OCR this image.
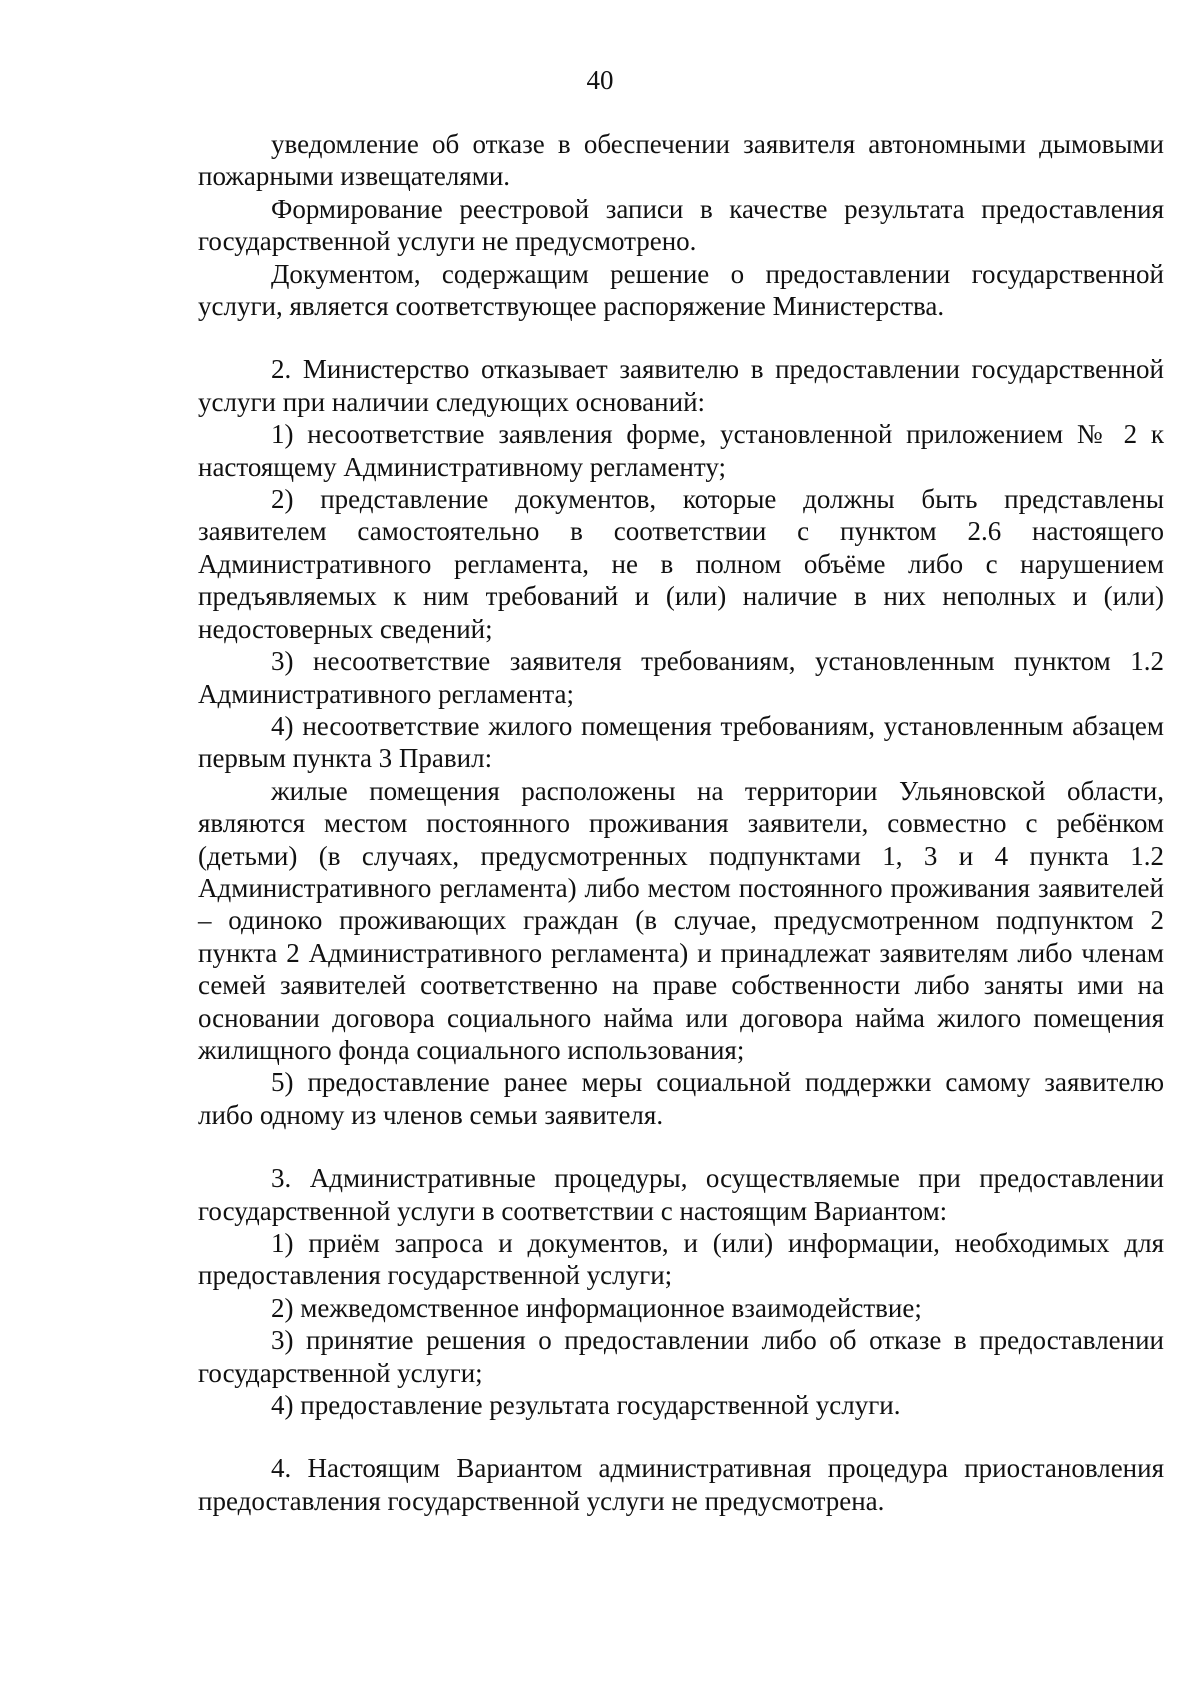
40

уведомление об отказе в обеспечении заявителя автономными дымовыми пожарными извещателями.

Формирование реестровой записи в качестве результата предоставления государственной услуги не предусмотрено.

Документом, содержащим решение о предоставлении государственной услуги, является соответствующее распоряжение Министерства.

2. Министерство отказывает заявителю в предоставлении государственной услуги при наличии следующих оснований:

1) несоответствие заявления форме, установленной приложением № 2 к настоящему Административному регламенту;

2) представление документов, которые должны быть представлены заявителем самостоятельно в соответствии с пунктом 2.6 настоящего Административного регламента, не в полном объёме либо с нарушением предъявляемых к ним требований и (или) наличие в них неполных и (или) недостоверных сведений;

3) несоответствие заявителя требованиям, установленным пунктом 1.2 Административного регламента;

4) несоответствие жилого помещения требованиям, установленным абзацем первым пункта 3 Правил:

жилые помещения расположены на территории Ульяновской области, являются местом постоянного проживания заявители, совместно с ребёнком (детьми) (в случаях, предусмотренных подпунктами 1, 3 и 4 пункта 1.2 Административного регламента) либо местом постоянного проживания заявителей – одиноко проживающих граждан (в случае, предусмотренном подпунктом 2 пункта 2 Административного регламента) и принадлежат заявителям либо членам семей заявителей соответственно на праве собственности либо заняты ими на основании договора социального найма или договора найма жилого помещения жилищного фонда социального использования;

5) предоставление ранее меры социальной поддержки самому заявителю либо одному из членов семьи заявителя.

3. Административные процедуры, осуществляемые при предоставлении государственной услуги в соответствии с настоящим Вариантом:

1) приём запроса и документов, и (или) информации, необходимых для предоставления государственной услуги;

2) межведомственное информационное взаимодействие;

3) принятие решения о предоставлении либо об отказе в предоставлении государственной услуги;

4) предоставление результата государственной услуги.

4. Настоящим Вариантом административная процедура приостановления предоставления государственной услуги не предусмотрена.
